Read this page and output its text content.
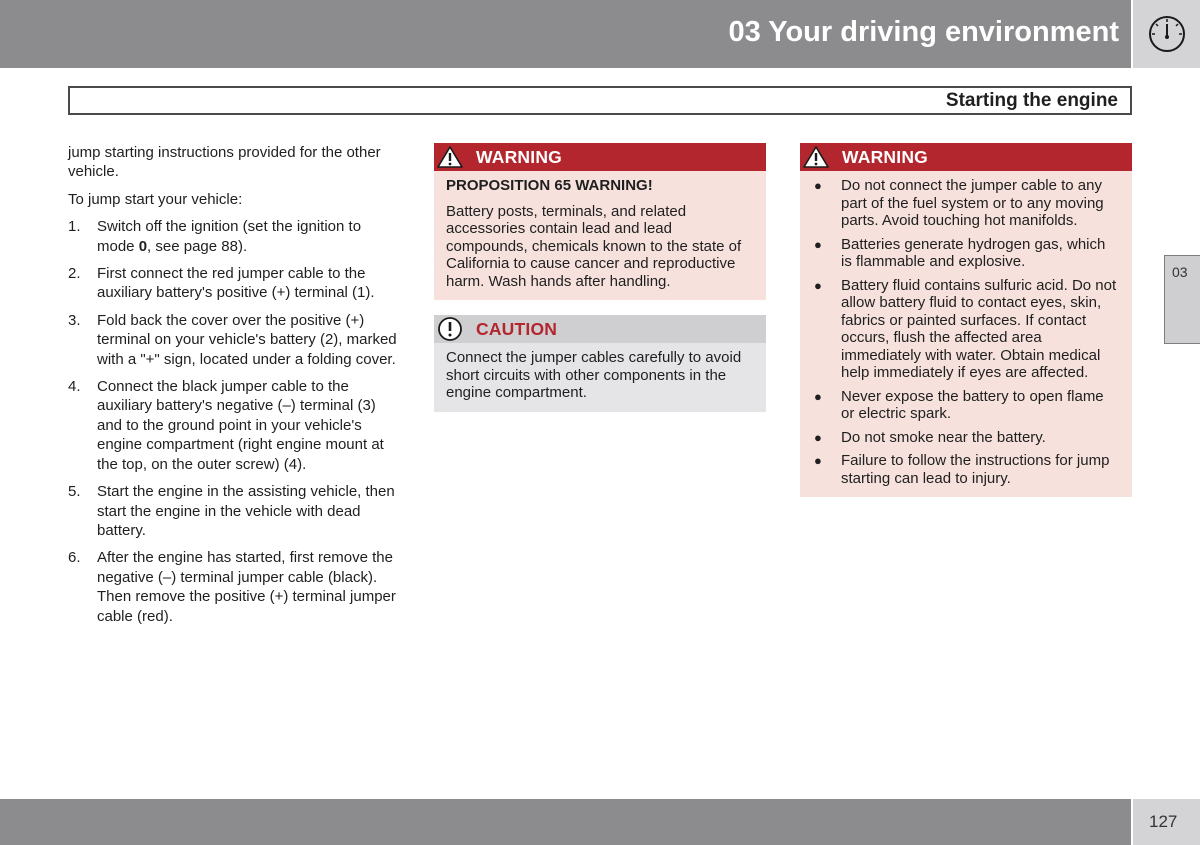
03 Your driving environment
Starting the engine
03

jump starting instructions provided for the other vehicle.

To jump start your vehicle:

1.	Switch off the ignition (set the ignition to mode 0, see page 88).
2.	First connect the red jumper cable to the auxiliary battery's positive (+) terminal (1).
3.	Fold back the cover over the positive (+) terminal on your vehicle's battery (2), marked with a "+" sign, located under a folding cover.
4.	Connect the black jumper cable to the auxiliary battery's negative (–) terminal (3) and to the ground point in your vehicle's engine compartment (right engine mount at the top, on the outer screw) (4).
5.	Start the engine in the assisting vehicle, then start the engine in the vehicle with dead battery.
6.	After the engine has started, first remove the negative (–) terminal jumper cable (black). Then remove the positive (+) terminal jumper cable (red).
WARNING

PROPOSITION 65 WARNING!

Battery posts, terminals, and related accessories contain lead and lead compounds, chemicals known to the state of California to cause cancer and reproductive harm. Wash hands after handling.

CAUTION

Connect the jumper cables carefully to avoid short circuits with other components in the engine compartment.

WARNING
●	Do not connect the jumper cable to any part of the fuel system or to any moving parts. Avoid touching hot manifolds.
●	Batteries generate hydrogen gas, which is flammable and explosive.
●	Battery fluid contains sulfuric acid. Do not allow battery fluid to contact eyes, skin, fabrics or painted surfaces. If contact occurs, flush the affected area immediately with water. Obtain medical help immediately if eyes are affected.
●	Never expose the battery to open flame or electric spark.
●	Do not smoke near the battery.
●	Failure to follow the instructions for jump starting can lead to injury.
127
